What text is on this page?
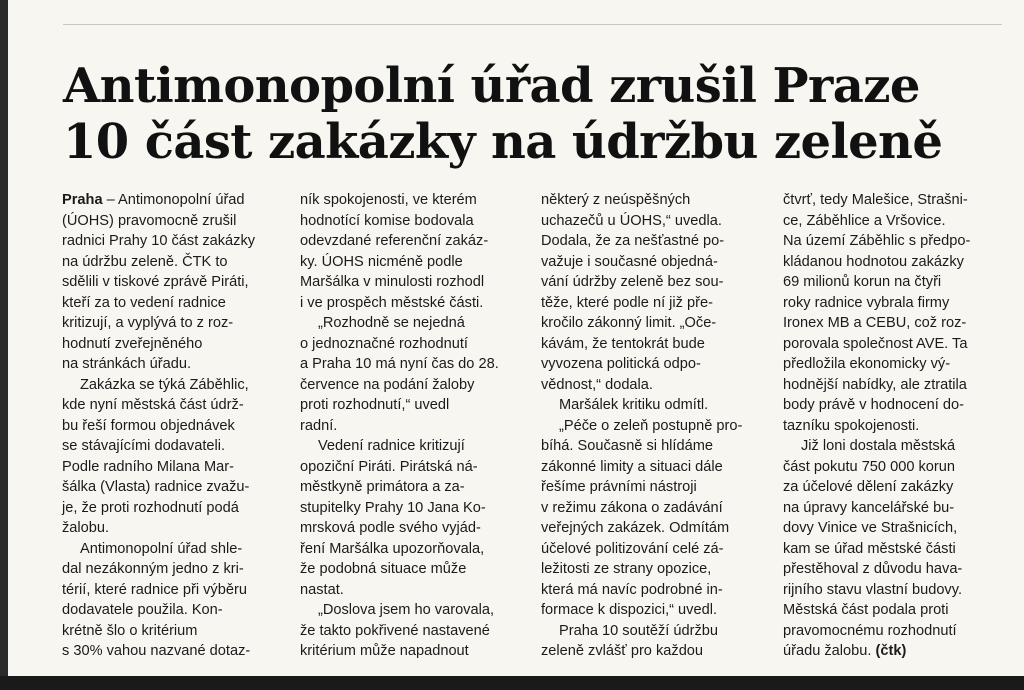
Antimonopolní úřad zrušil Praze 10 část zakázky na údržbu zeleně
Praha – Antimonopolní úřad
(ÚOHS) pravomocně zrušil
radnici Prahy 10 část zakázky
na údržbu zeleně. ČTK to
sdělili v tiskové zprávě Piráti,
kteří za to vedení radnice
kritizují, a vyplývá to z roz-
hodnutí zveřejněného
na stránkách úřadu.
Zakázka se týká Záběhlic,
kde nyní městská část údrž-
bu řeší formou objednávek
se stávajícími dodavateli.
Podle radního Milana Mar-
šálka (Vlasta) radnice zvažu-
je, že proti rozhodnutí podá
žalobu.
Antimonopolní úřad shle-
dal nezákonným jedno z kri-
térií, které radnice při výběru
dodavatele použila. Kon-
krétně šlo o kritérium
s 30% vahou nazvané dotaz-
ník spokojenosti, ve kterém
hodnotící komise bodovala
odevzdané referenční zakáz-
ky. ÚOHS nicméně podle
Maršálka v minulosti rozhodl
i ve prospěch městské části.
„Rozhodně se nejedná
o jednoznačné rozhodnutí
a Praha 10 má nyní čas do 28.
července na podání žaloby
proti rozhodnutí,“ uvedl
radní.
Vedení radnice kritizují
opoziční Piráti. Pirátská ná-
městkyně primátora a za-
stupitelky Prahy 10 Jana Ko-
mrsková podle svého vyjád-
ření Maršálka upozorňovala,
že podobná situace může
nastat.
„Doslova jsem ho varovala,
že takto pokřivené nastavené
kritérium může napadnout
některý z neúspěšných
uchazečů u ÚOHS,“ uvedla.
Dodala, že za nešťastné po-
važuje i současné objedná-
vání údržby zeleně bez sou-
těže, které podle ní již pře-
kročilo zákonný limit. „Oče-
kávám, že tentokrát bude
vyvozena politická odpo-
vědnost,“ dodala.
Maršálek kritiku odmítl.
„Péče o zeleň postupně pro-
bíhá. Současně si hlídáme
zákonné limity a situaci dále
řešíme právními nástroji
v režimu zákona o zadávání
veřejných zakázek. Odmítám
účelové politizování celé zá-
ležitosti ze strany opozice,
která má navíc podrobné in-
formace k dispozici,“ uvedl.
Praha 10 soutěží údržbu
zeleně zvlášť pro každou
čtvrť, tedy Malešice, Strašni-
ce, Záběhlice a Vršovice.
Na území Záběhlic s předpo-
kládanou hodnotou zakázky
69 milionů korun na čtyři
roky radnice vybrala firmy
Ironex MB a CEBU, což roz-
porovala společnost AVE. Ta
předložila ekonomicky vý-
hodnější nabídky, ale ztratila
body právě v hodnocení do-
tazníku spokojenosti.
Již loni dostala městská
část pokutu 750 000 korun
za účelové dělení zakázky
na úpravy kancelářské bu-
dovy Vinice ve Strašnicích,
kam se úřad městské části
přestěhoval z důvodu hava-
rijního stavu vlastní budovy.
Městská část podala proti
pravomocnému rozhodnutí
úřadu žalobu. (čtk)
